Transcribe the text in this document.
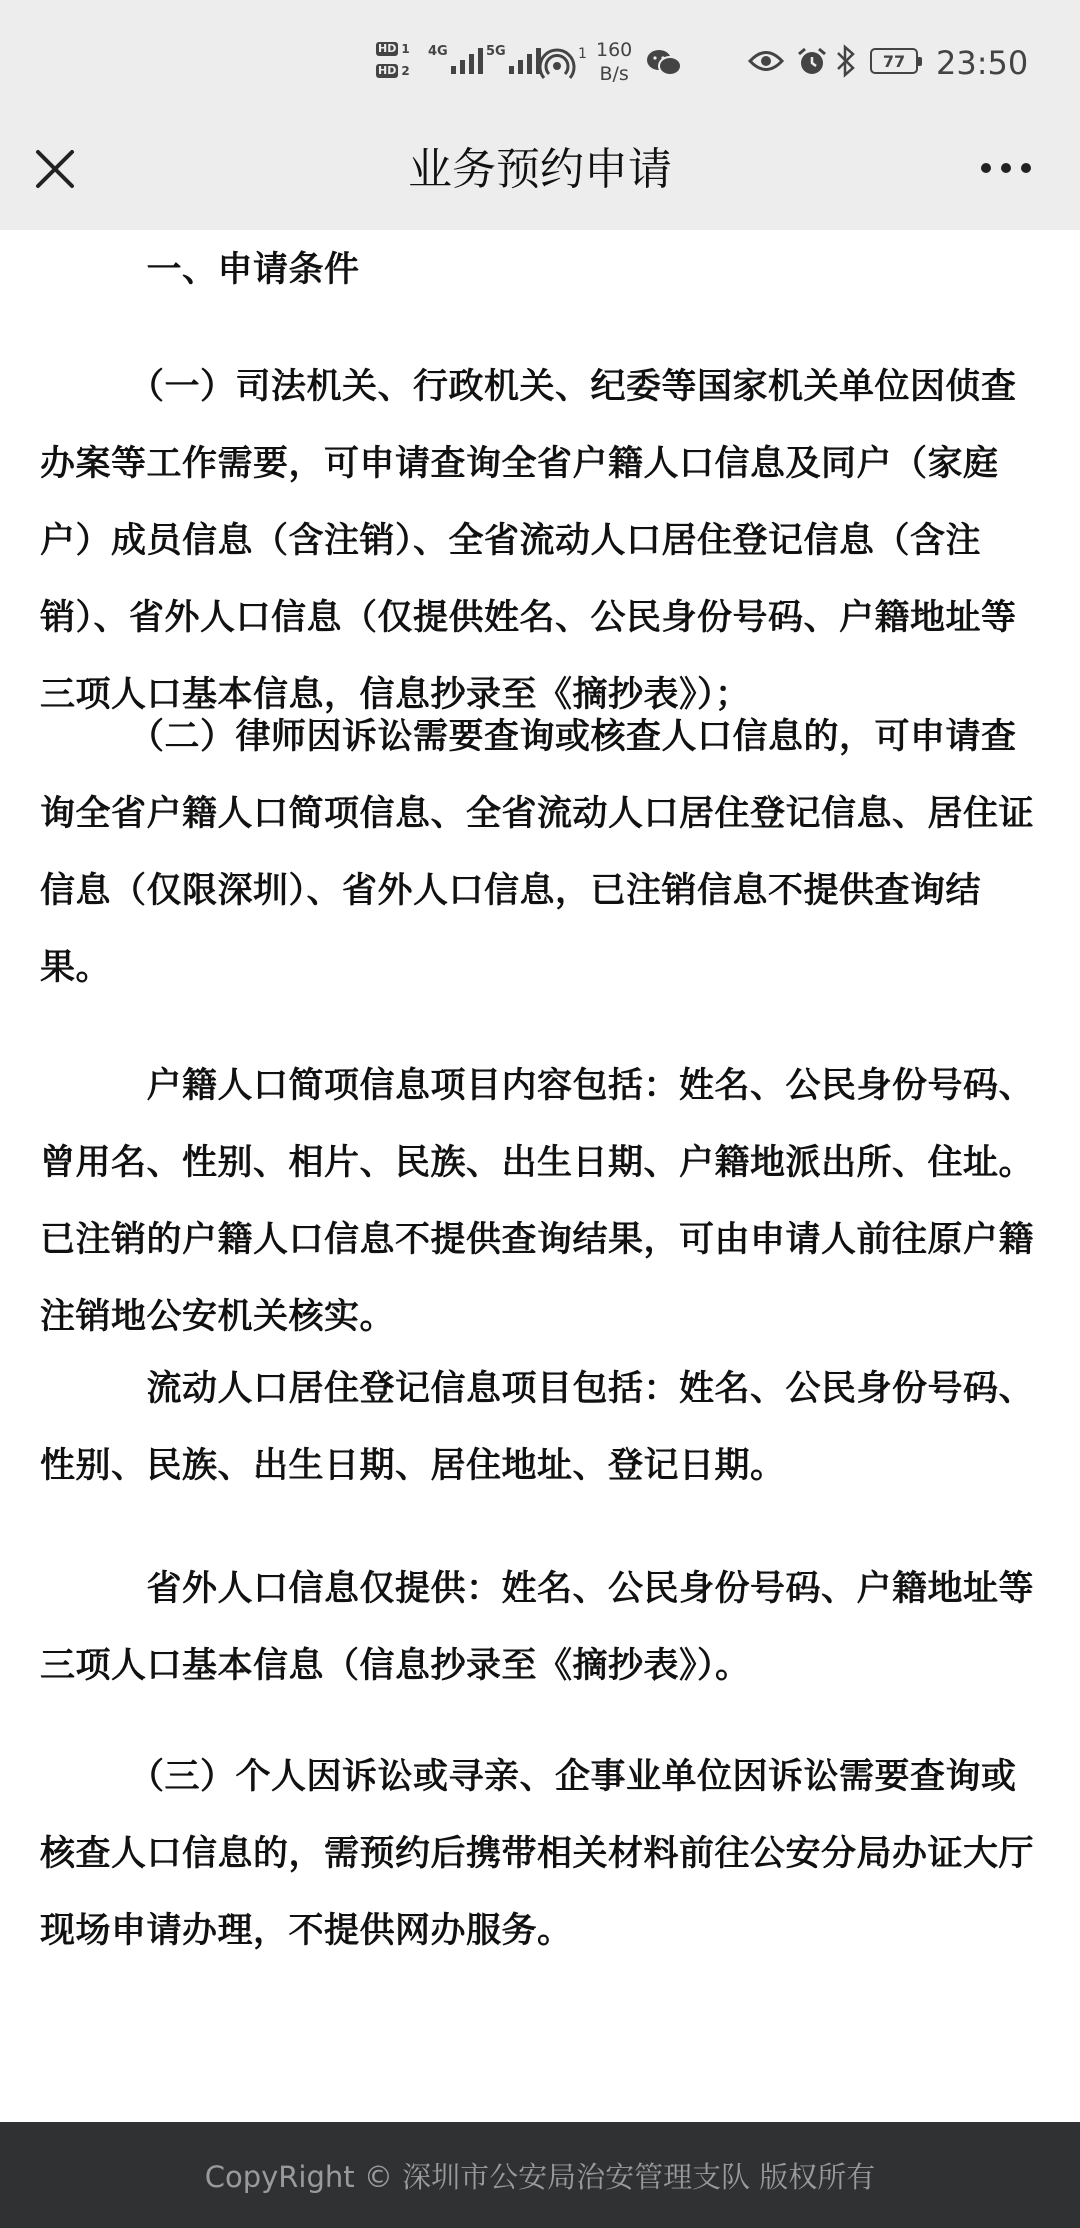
HD 1
HD 2
4G	5G	1 160
B/s
77 23:50
业务预约申请

　　　一、申请条件

　　　（一）司法机关、行政机关、纪委等国家机关单位因侦查办案等工作需要，可申请查询全省户籍人口信息及同户（家庭户）成员信息（含注销）、全省流动人口居住登记信息（含注销）、省外人口信息（仅提供姓名、公民身份号码、户籍地址等三项人口基本信息，信息抄录至《摘抄表》）；

　　　（二）律师因诉讼需要查询或核查人口信息的，可申请查询全省户籍人口简项信息、全省流动人口居住登记信息、居住证信息（仅限深圳）、省外人口信息，已注销信息不提供查询结果。

　　　户籍人口简项信息项目内容包括：姓名、公民身份号码、曾用名、性别、相片、民族、出生日期、户籍地派出所、住址。已注销的户籍人口信息不提供查询结果，可由申请人前往原户籍注销地公安机关核实。

　　　流动人口居住登记信息项目包括：姓名、公民身份号码、性别、民族、出生日期、居住地址、登记日期。

　　　省外人口信息仅提供：姓名、公民身份号码、户籍地址等三项人口基本信息（信息抄录至《摘抄表》）。

　　　（三）个人因诉讼或寻亲、企事业单位因诉讼需要查询或核查人口信息的，需预约后携带相关材料前往公安分局办证大厅现场申请办理，不提供网办服务。

CopyRight © 深圳市公安局治安管理支队 版权所有
